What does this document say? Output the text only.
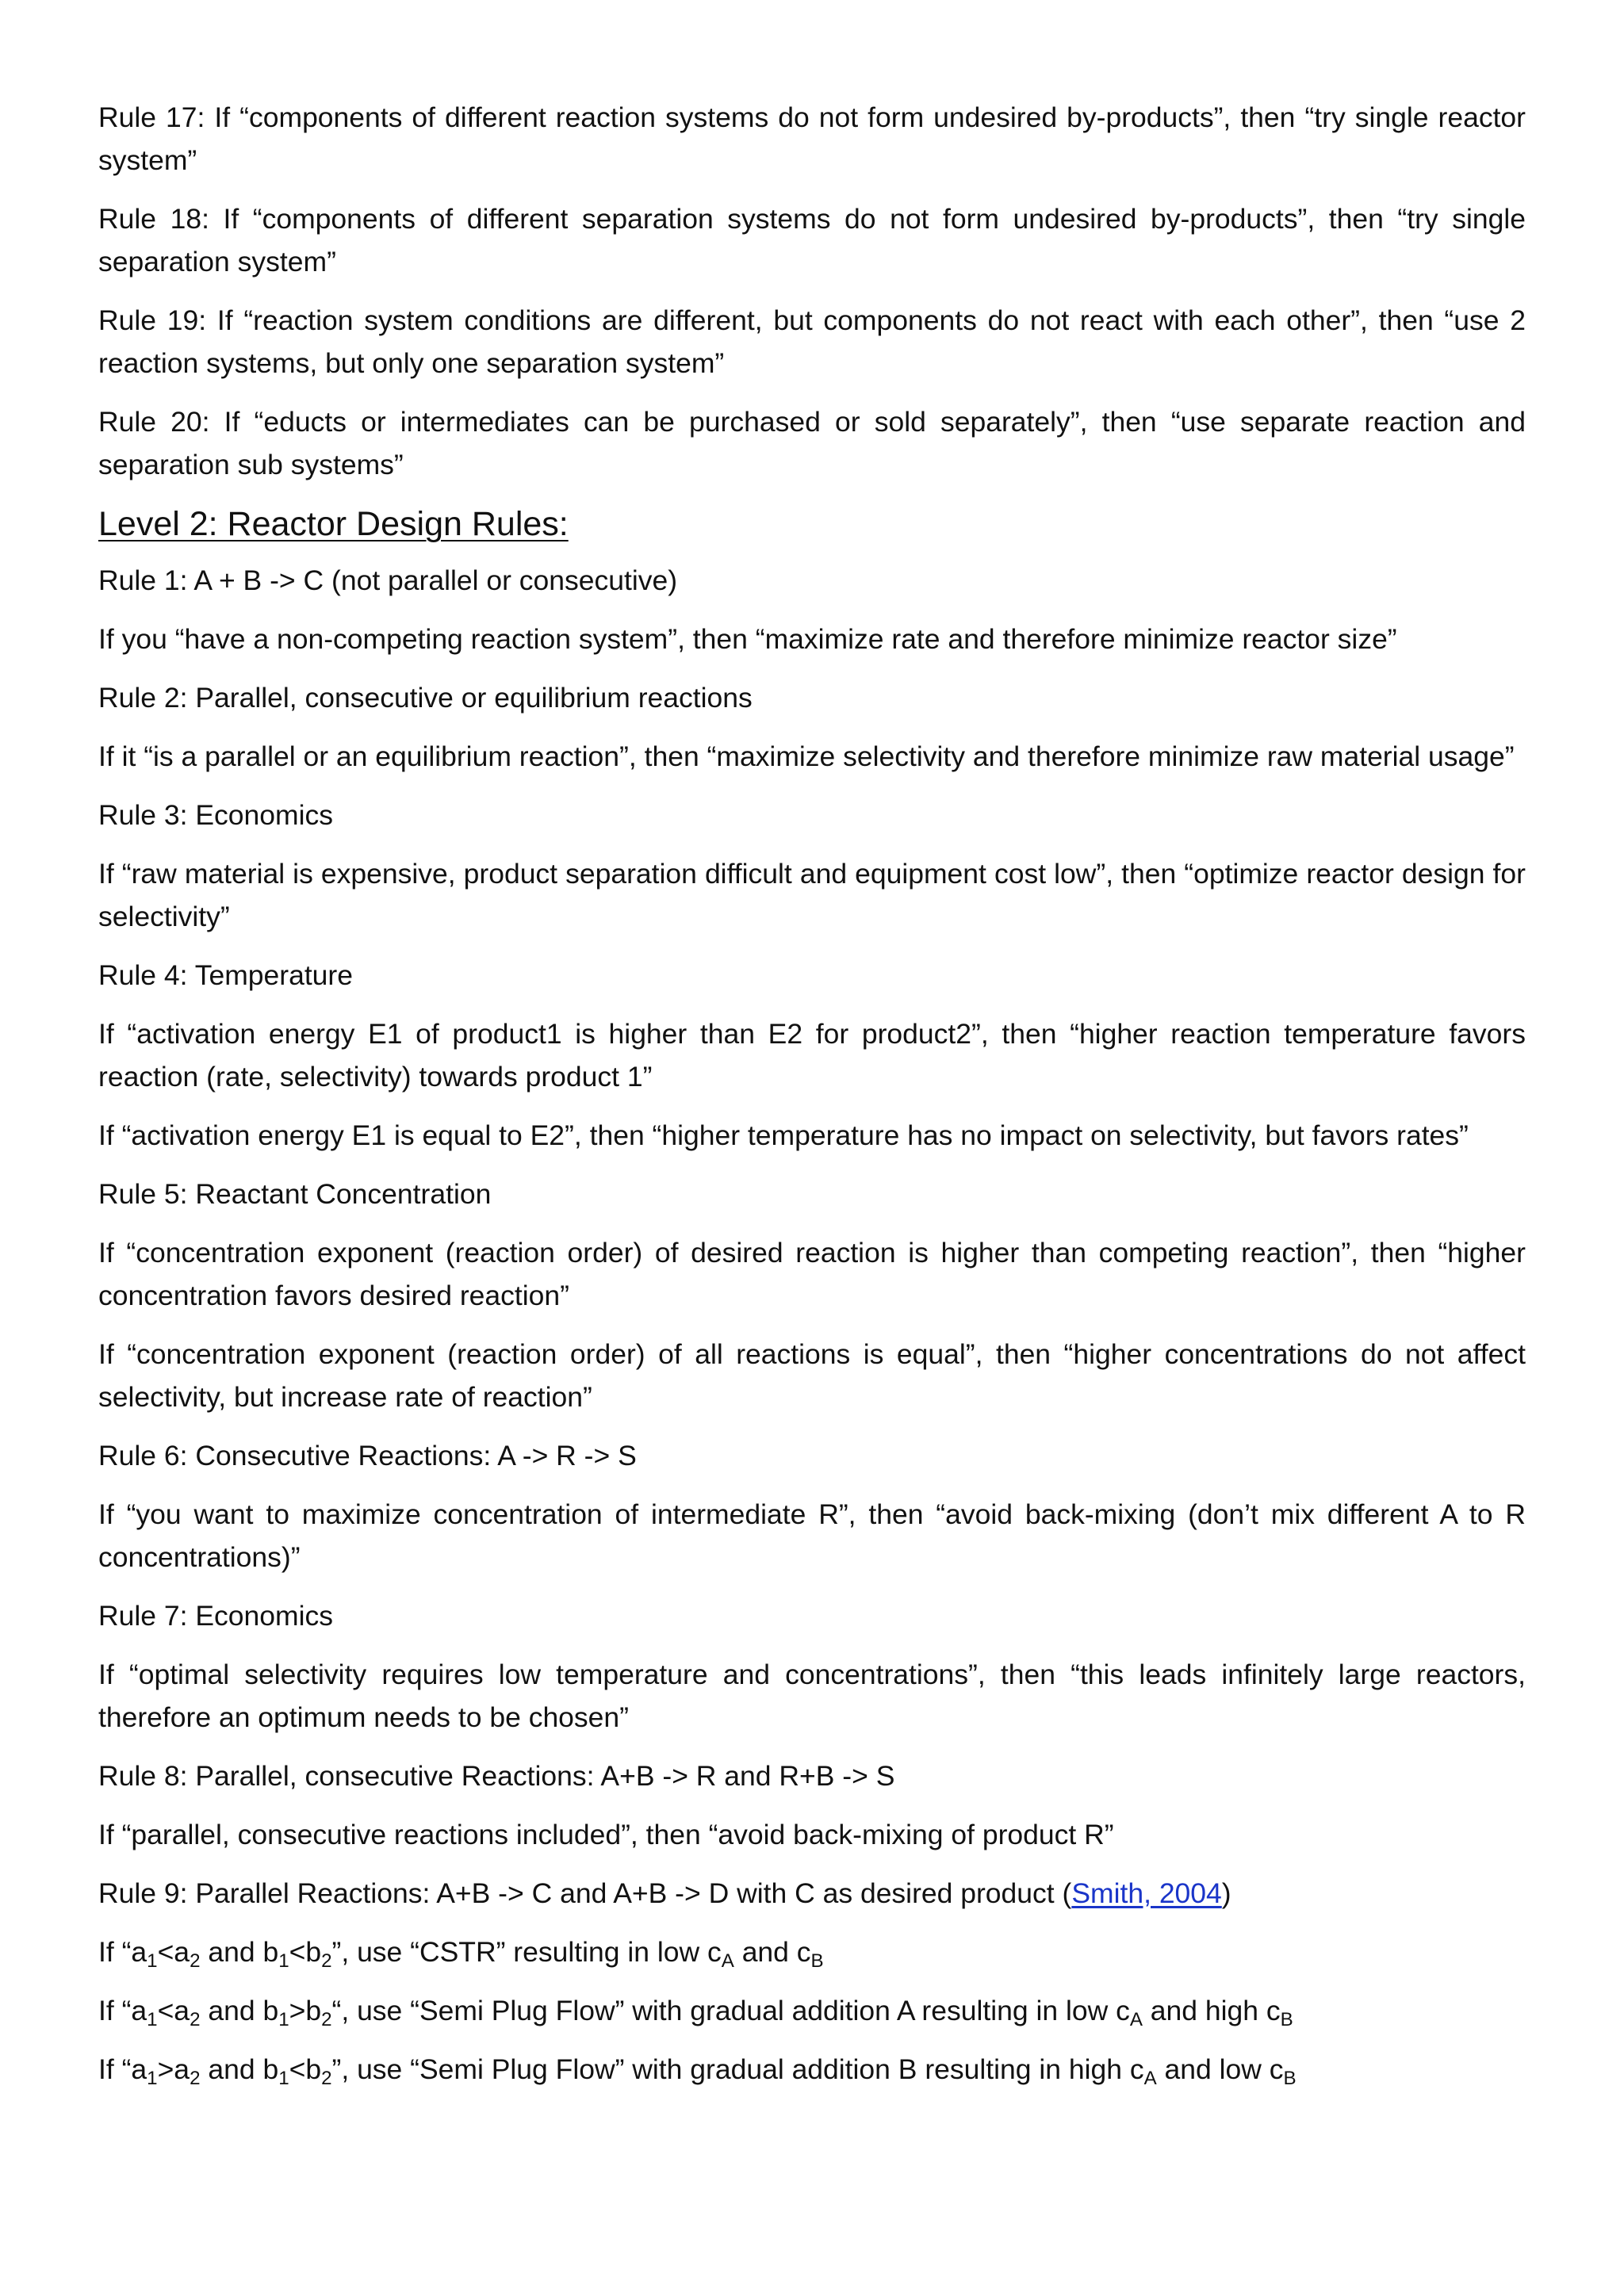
Rule 17: If “components of different reaction systems do not form undesired by-products”, then “try single reactor system”

Rule 18: If “components of different separation systems do not form undesired by-products”, then “try single separation system”

Rule 19: If “reaction system conditions are different, but components do not react with each other”, then “use 2 reaction systems, but only one separation system”

Rule 20: If “educts or intermediates can be purchased or sold separately”, then “use separate reaction and separation sub systems”

Level 2: Reactor Design Rules:

Rule 1: A + B -> C (not parallel or consecutive)

If you “have a non-competing reaction system”, then “maximize rate and therefore minimize reactor size”

Rule 2: Parallel, consecutive or equilibrium reactions

If it “is a parallel or an equilibrium reaction”, then “maximize selectivity and therefore minimize raw material usage”

Rule 3: Economics

If “raw material is expensive, product separation difficult and equipment cost low”, then “optimize reactor design for selectivity”

Rule 4: Temperature

If “activation energy E1 of product1 is higher than E2 for product2”, then “higher reaction temperature favors reaction (rate, selectivity) towards product 1”

If “activation energy E1 is equal to E2”, then “higher temperature has no impact on selectivity, but favors rates”

Rule 5: Reactant Concentration

If “concentration exponent (reaction order) of desired reaction is higher than competing reaction”, then “higher concentration favors desired reaction”

If “concentration exponent (reaction order) of all reactions is equal”, then “higher concentrations do not affect selectivity, but increase rate of reaction”

Rule 6: Consecutive Reactions: A -> R -> S

If “you want to maximize concentration of intermediate R”, then “avoid back-mixing (don’t mix different A to R concentrations)”

Rule 7: Economics

If “optimal selectivity requires low temperature and concentrations”, then “this leads infinitely large reactors, therefore an optimum needs to be chosen”

Rule 8: Parallel, consecutive Reactions: A+B -> R and R+B -> S

If “parallel, consecutive reactions included”, then “avoid back-mixing of product R”

Rule 9: Parallel Reactions: A+B -> C and A+B -> D with C as desired product (Smith, 2004)

If “$a_1<a_2$ and $b_1<b_2$”, use “CSTR” resulting in low $c_A$ and $c_B$

If “$a_1<a_2$ and $b_1>b_2“$, use “Semi Plug Flow” with gradual addition A resulting in low $c_A$ and high $c_B$

If “$a_1>a_2$ and $b_1<b_2$”, use “Semi Plug Flow” with gradual addition B resulting in high $c_A$ and low $c_B$
